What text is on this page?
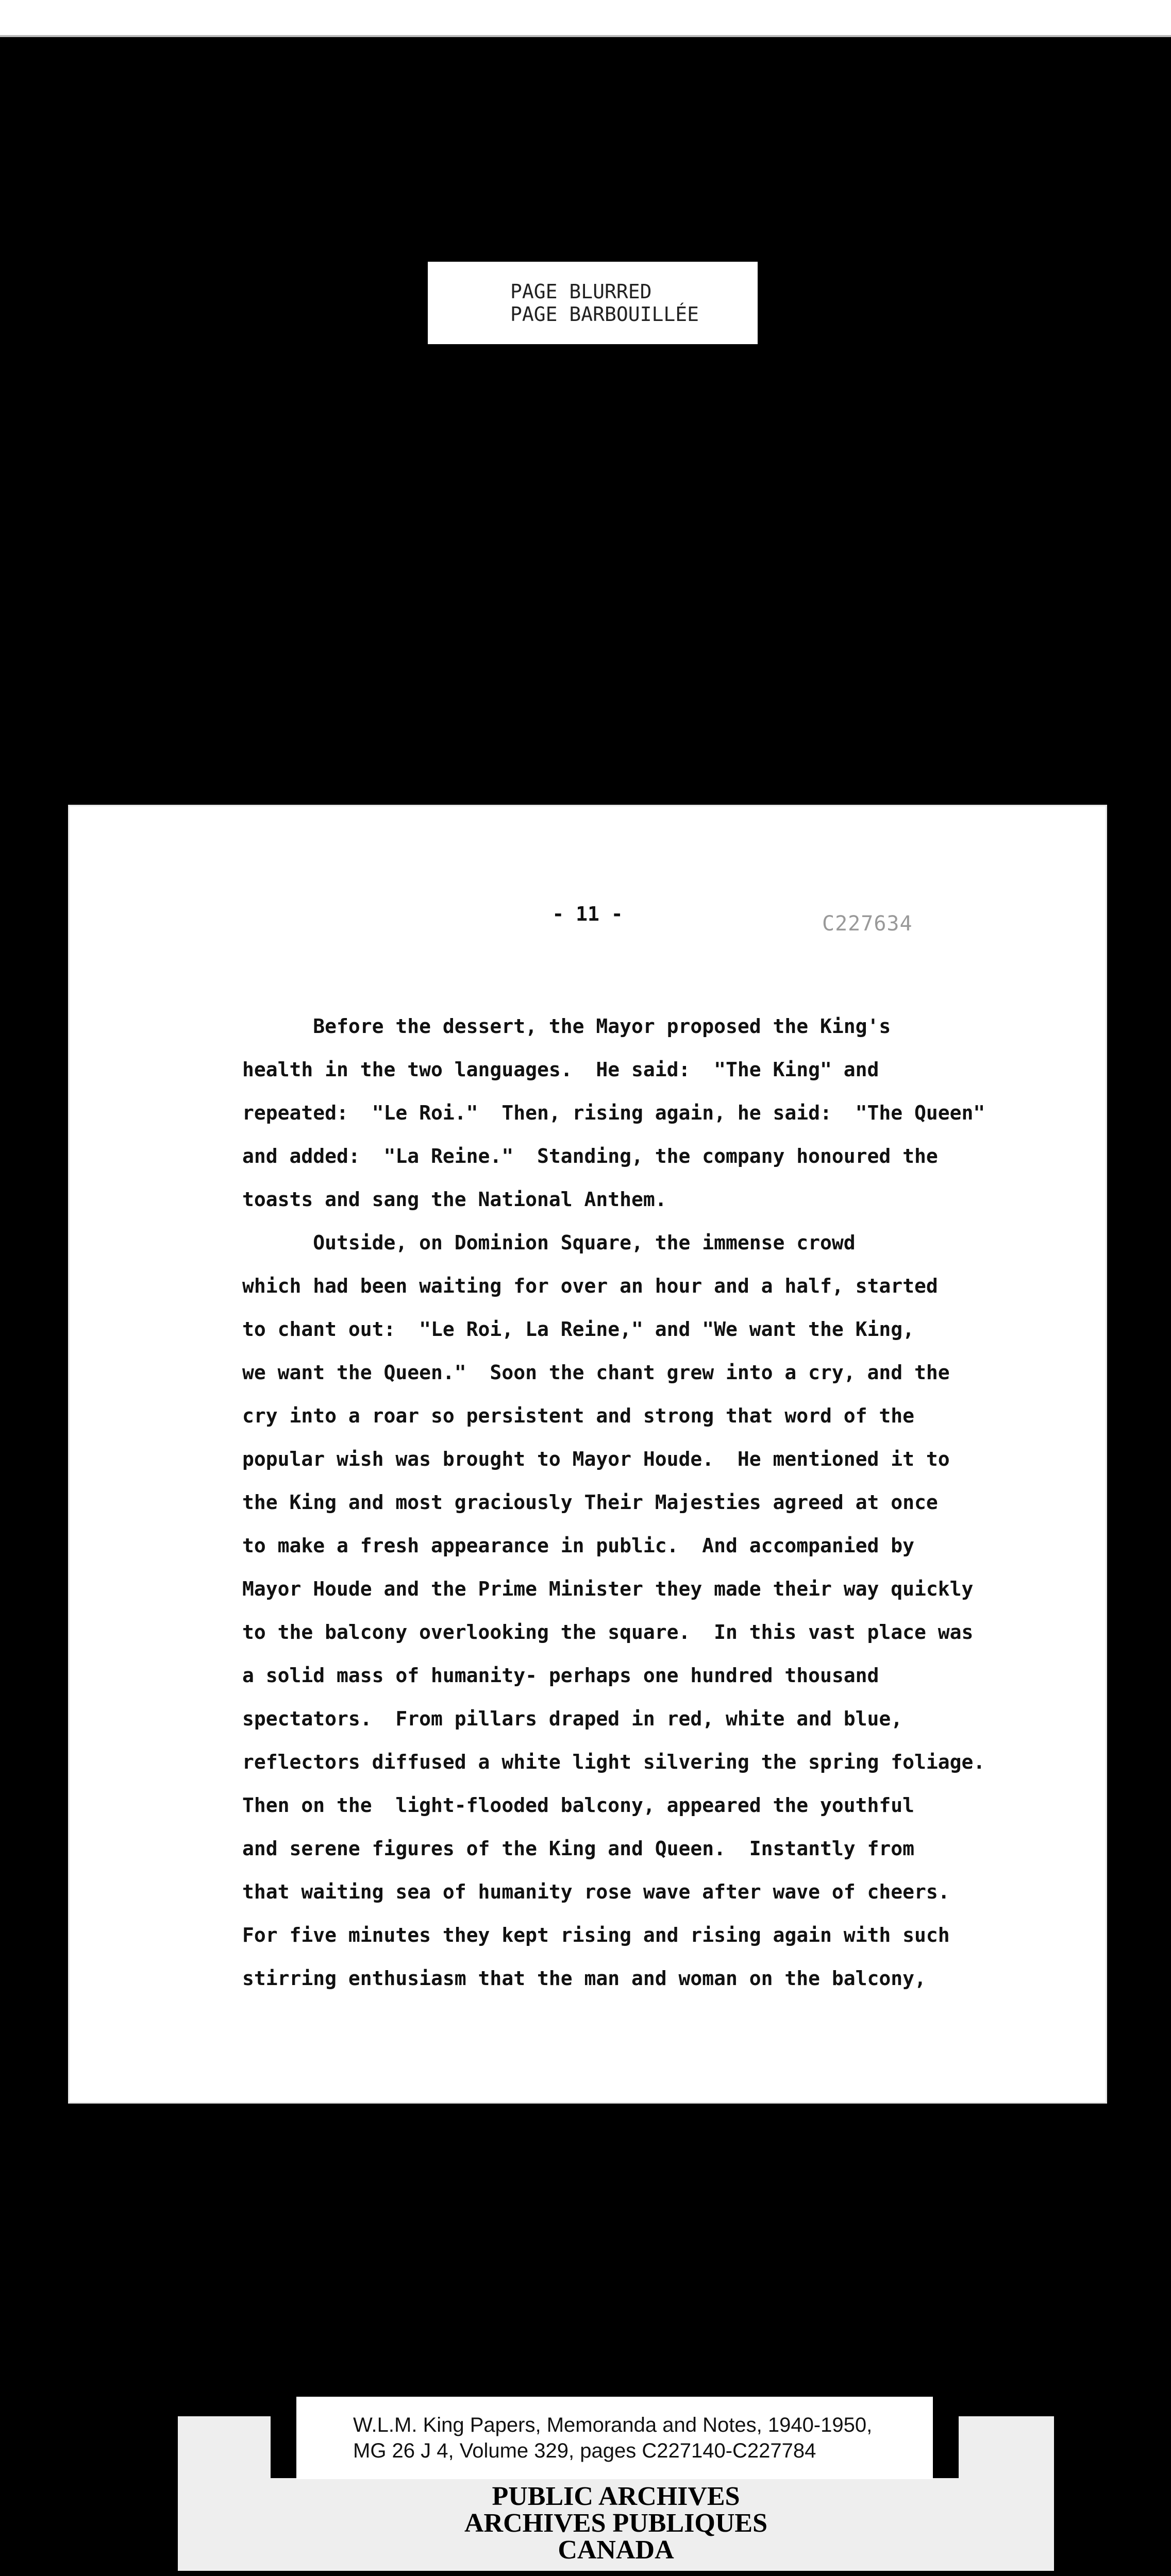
PAGE BLURRED
PAGE BARBOUILLÉE
- 11 -	C227634
Before the dessert, the Mayor proposed the King's
health in the two languages.  He said:  "The King" and
repeated:  "Le Roi."  Then, rising again, he said:  "The Queen"
and added:  "La Reine."  Standing, the company honoured the
toasts and sang the National Anthem.
Outside, on Dominion Square, the immense crowd
which had been waiting for over an hour and a half, started
to chant out:  "Le Roi, La Reine," and "We want the King,
we want the Queen."  Soon the chant grew into a cry, and the
cry into a roar so persistent and strong that word of the
popular wish was brought to Mayor Houde.  He mentioned it to
the King and most graciously Their Majesties agreed at once
to make a fresh appearance in public.  And accompanied by
Mayor Houde and the Prime Minister they made their way quickly
to the balcony overlooking the square.  In this vast place was
a solid mass of humanity- perhaps one hundred thousand
spectators.  From pillars draped in red, white and blue,
reflectors diffused a white light silvering the spring foliage.
Then on the  light-flooded balcony, appeared the youthful
and serene figures of the King and Queen.  Instantly from
that waiting sea of humanity rose wave after wave of cheers.
For five minutes they kept rising and rising again with such
stirring enthusiasm that the man and woman on the balcony,
W.L.M. King Papers, Memoranda and Notes, 1940-1950,
MG 26 J 4, Volume 329, pages C227140-C227784
PUBLIC ARCHIVES
ARCHIVES PUBLIQUES
CANADA
